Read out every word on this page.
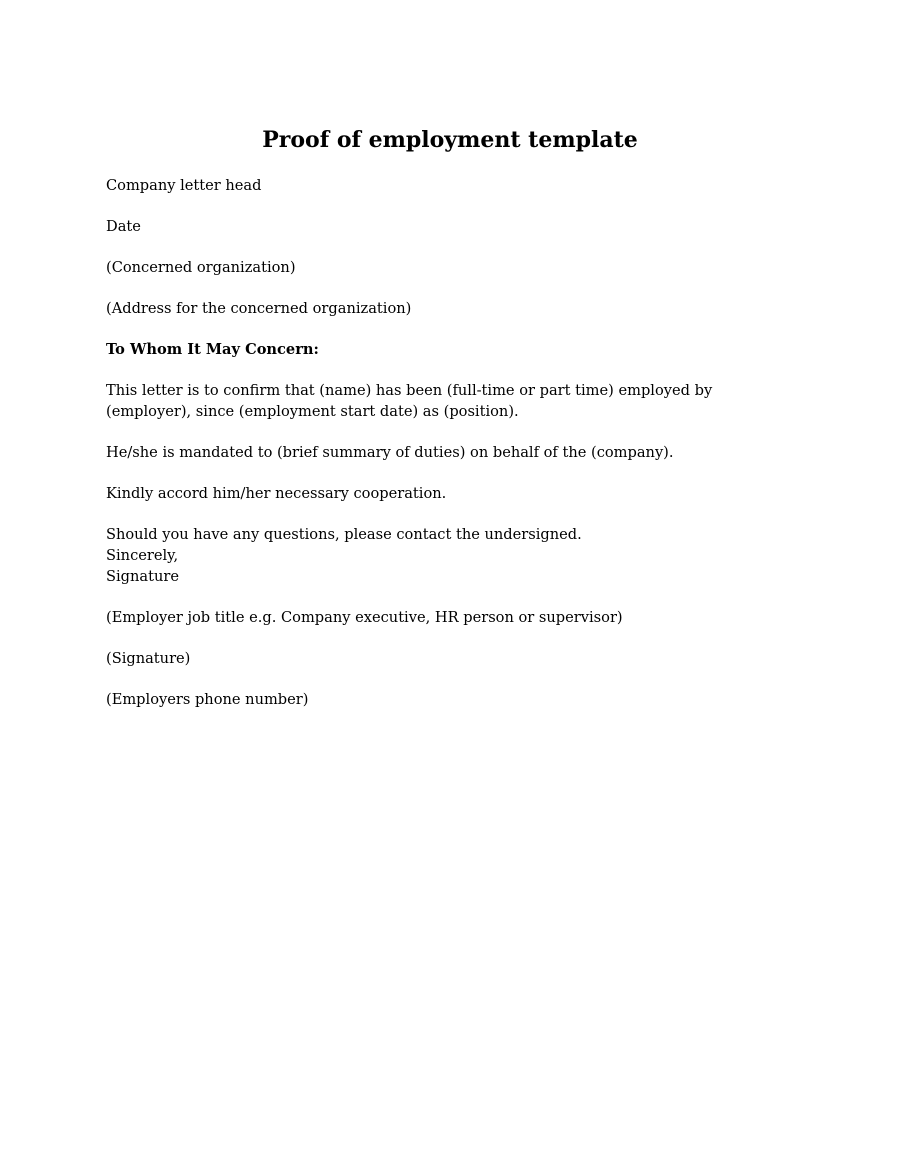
Proof of employment template

Company letter head

Date

(Concerned organization)

(Address for the concerned organization)

To Whom It May Concern:

This letter is to confirm that (name) has been (full-time or part time) employed by (employer), since (employment start date) as (position).

He/she is mandated to (brief summary of duties) on behalf of the (company).

Kindly accord him/her necessary cooperation.

Should you have any questions, please contact the undersigned.
Sincerely,
Signature

(Employer job title e.g. Company executive, HR person or supervisor)

(Signature)

(Employers phone number)
